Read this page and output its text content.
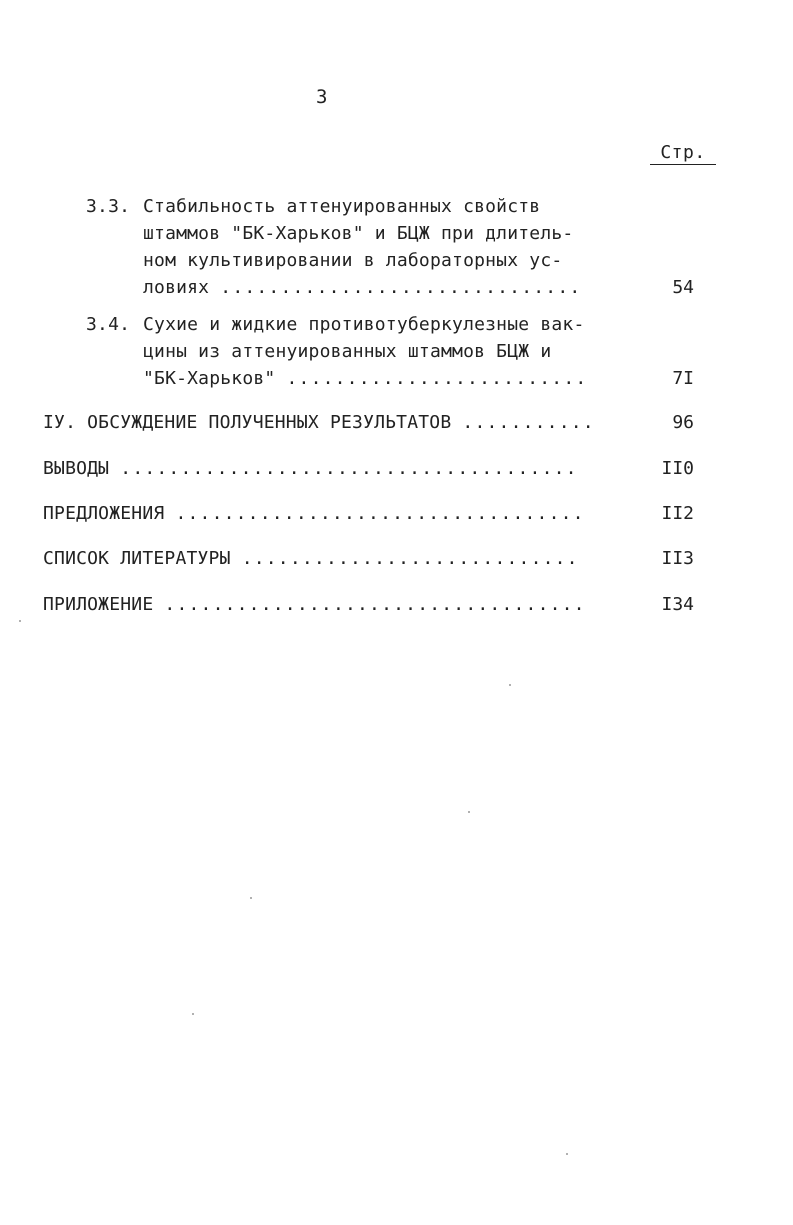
3
Стр.
3.3. Стабильность аттенуированных свойств
штаммов "БК-Харьков" и БЦЖ при длитель-
ном культивировании в лабораторных ус-
ловиях ..............................	54
3.4. Сухие и жидкие противотуберкулезные вак-
цины из аттенуированных штаммов БЦЖ и
"БК-Харьков" .........................	7I
IУ. ОБСУЖДЕНИЕ ПОЛУЧЕННЫХ РЕЗУЛЬТАТОВ ...........	96
ВЫВОДЫ ......................................	II0
ПРЕДЛОЖЕНИЯ ..................................	II2
СПИСОК ЛИТЕРАТУРЫ ............................	II3
ПРИЛОЖЕНИЕ ...................................	I34
